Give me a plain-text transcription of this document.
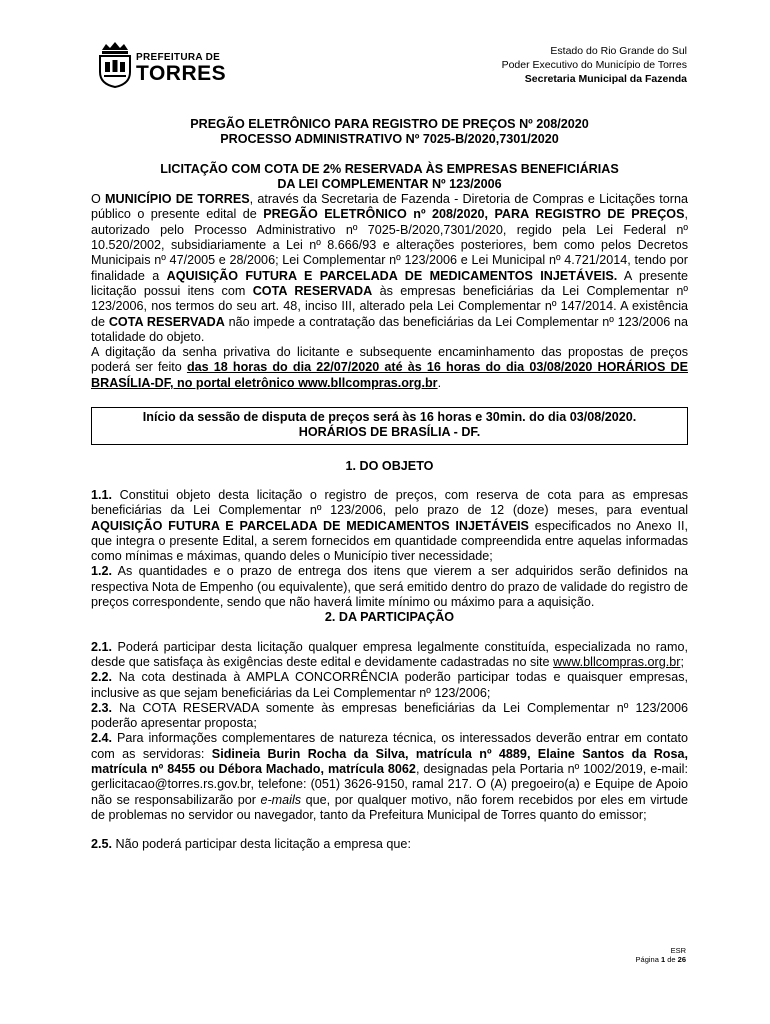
PREFEITURA DE
TORRES
Estado do Rio Grande do Sul
Poder Executivo do Município de Torres
Secretaria Municipal da Fazenda
PREGÃO ELETRÔNICO PARA REGISTRO DE PREÇOS Nº 208/2020
PROCESSO ADMINISTRATIVO Nº 7025-B/2020,7301/2020
LICITAÇÃO COM COTA DE 2% RESERVADA ÀS EMPRESAS BENEFICIÁRIAS
DA LEI COMPLEMENTAR Nº 123/2006

O MUNICÍPIO DE TORRES, através da Secretaria de Fazenda - Diretoria de Compras e Licitações torna público o presente edital de PREGÃO ELETRÔNICO nº 208/2020, PARA REGISTRO DE PREÇOS, autorizado pelo Processo Administrativo nº 7025-B/2020,7301/2020, regido pela Lei Federal nº 10.520/2002, subsidiariamente a Lei nº 8.666/93 e alterações posteriores, bem como pelos Decretos Municipais nº 47/2005 e 28/2006; Lei Complementar nº 123/2006 e Lei Municipal nº 4.721/2014, tendo por finalidade a AQUISIÇÃO FUTURA E PARCELADA DE MEDICAMENTOS INJETÁVEIS. A presente licitação possui itens com COTA RESERVADA às empresas beneficiárias da Lei Complementar nº 123/2006, nos termos do seu art. 48, inciso III, alterado pela Lei Complementar nº 147/2014. A existência de COTA RESERVADA não impede a contratação das beneficiárias da Lei Complementar nº 123/2006 na totalidade do objeto.

A digitação da senha privativa do licitante e subsequente encaminhamento das propostas de preços poderá ser feito das 18 horas do dia 22/07/2020 até às 16 horas do dia 03/08/2020 HORÁRIOS DE BRASÍLIA-DF, no portal eletrônico www.bllcompras.org.br.

Início da sessão de disputa de preços será às 16 horas e 30min. do dia 03/08/2020.
HORÁRIOS DE BRASÍLIA - DF.

1. DO OBJETO

1.1. Constitui objeto desta licitação o registro de preços, com reserva de cota para as empresas beneficiárias da Lei Complementar nº 123/2006, pelo prazo de 12 (doze) meses, para eventual AQUISIÇÃO FUTURA E PARCELADA DE MEDICAMENTOS INJETÁVEIS especificados no Anexo II, que integra o presente Edital, a serem fornecidos em quantidade compreendida entre aquelas informadas como mínimas e máximas, quando deles o Município tiver necessidade;

1.2. As quantidades e o prazo de entrega dos itens que vierem a ser adquiridos serão definidos na respectiva Nota de Empenho (ou equivalente), que será emitido dentro do prazo de validade do registro de preços correspondente, sendo que não haverá limite mínimo ou máximo para a aquisição.

2. DA PARTICIPAÇÃO

2.1. Poderá participar desta licitação qualquer empresa legalmente constituída, especializada no ramo, desde que satisfaça às exigências deste edital e devidamente cadastradas no site www.bllcompras.org.br;

2.2. Na cota destinada à AMPLA CONCORRÊNCIA poderão participar todas e quaisquer empresas, inclusive as que sejam beneficiárias da Lei Complementar nº 123/2006;

2.3. Na COTA RESERVADA somente às empresas beneficiárias da Lei Complementar nº 123/2006 poderão apresentar proposta;

2.4. Para informações complementares de natureza técnica, os interessados deverão entrar em contato com as servidoras: Sidineia Burin Rocha da Silva, matrícula nº 4889, Elaine Santos da Rosa, matrícula nº 8455 ou Débora Machado, matrícula 8062, designadas pela Portaria nº 1002/2019, e-mail: gerlicitacao@torres.rs.gov.br, telefone: (051) 3626-9150, ramal 217. O (A) pregoeiro(a) e Equipe de Apoio não se responsabilizarão por e-mails que, por qualquer motivo, não forem recebidos por eles em virtude de problemas no servidor ou navegador, tanto da Prefeitura Municipal de Torres quanto do emissor;

2.5. Não poderá participar desta licitação a empresa que:

ESR
Página 1 de 26
